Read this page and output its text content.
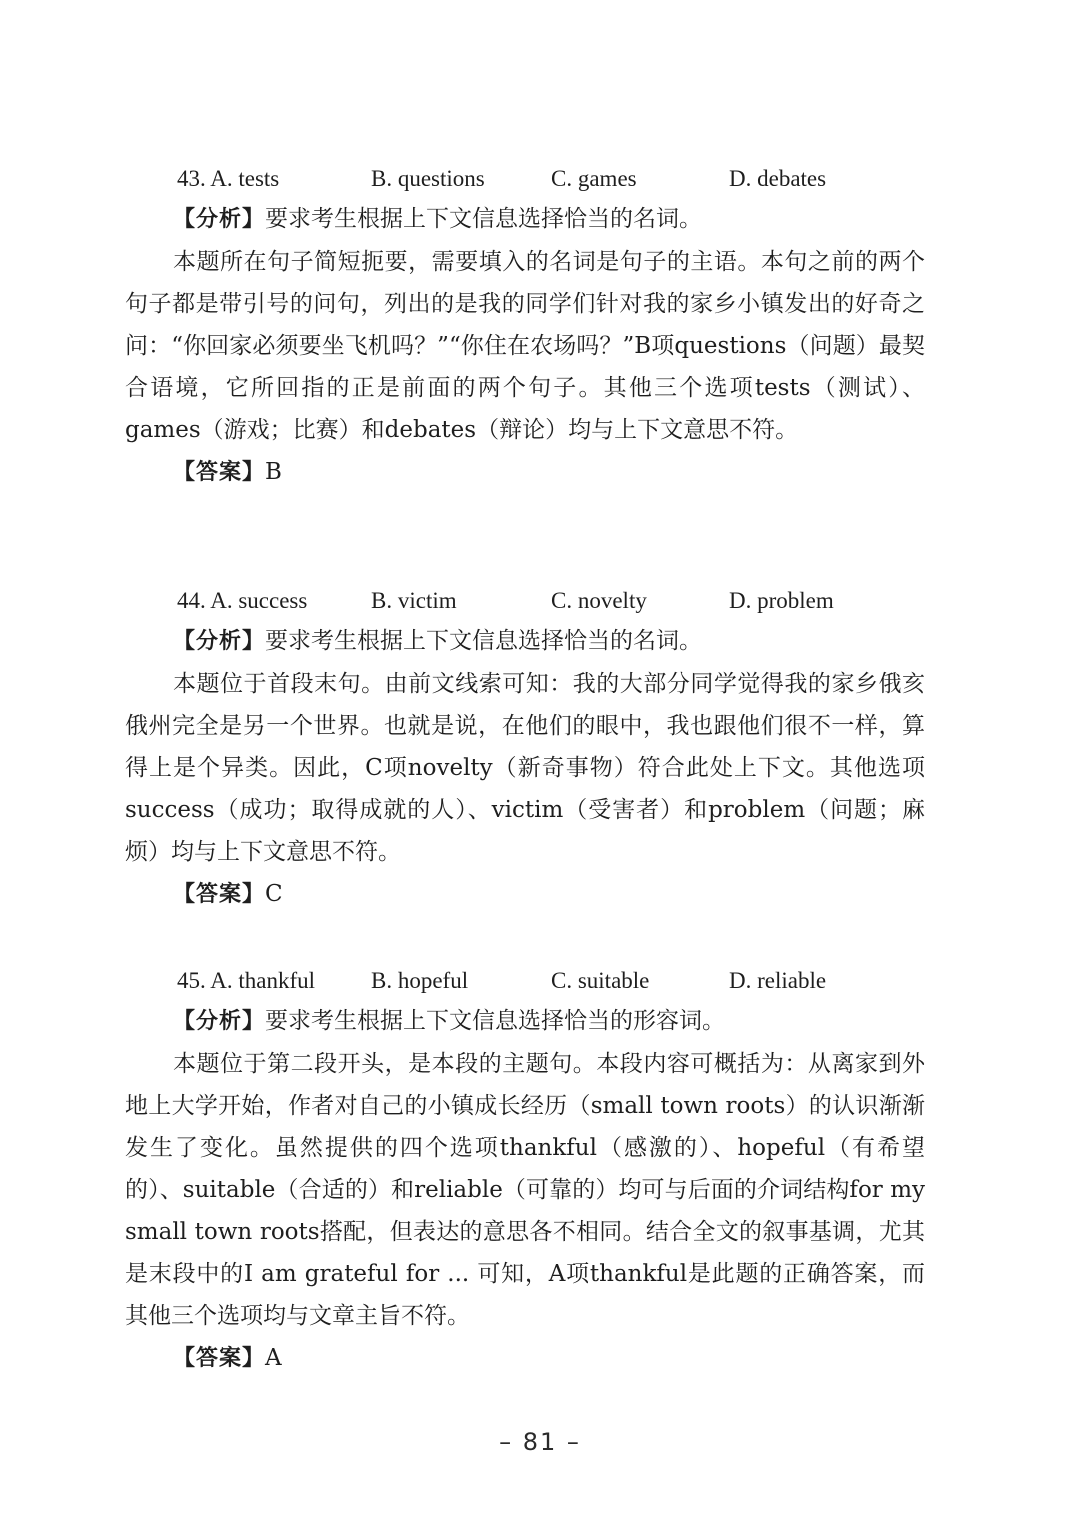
43. A. tests	B. questions	C. games	D. debates
【分析】要求考生根据上下文信息选择恰当的名词。
本题所在句子简短扼要，需要填入的名词是句子的主语。本句之前的两个句子都是带引号的问句，列出的是我的同学们针对我的家乡小镇发出的好奇之问：“你回家必须要坐飞机吗？”“你住在农场吗？”B项questions（问题）最契合语境，它所回指的正是前面的两个句子。其他三个选项tests（测试）、games（游戏；比赛）和debates（辩论）均与上下文意思不符。
【答案】B
44. A. success	B. victim	C. novelty	D. problem
【分析】要求考生根据上下文信息选择恰当的名词。
本题位于首段末句。由前文线索可知：我的大部分同学觉得我的家乡俄亥俄州完全是另一个世界。也就是说，在他们的眼中，我也跟他们很不一样，算得上是个异类。因此，C项novelty（新奇事物）符合此处上下文。其他选项success（成功；取得成就的人）、victim（受害者）和problem（问题；麻烦）均与上下文意思不符。
【答案】C
45. A. thankful B. hopeful	C. suitable	D. reliable
【分析】要求考生根据上下文信息选择恰当的形容词。
本题位于第二段开头，是本段的主题句。本段内容可概括为：从离家到外地上大学开始，作者对自己的小镇成长经历（small town roots）的认识渐渐发生了变化。虽然提供的四个选项thankful（感激的）、hopeful（有希望的）、suitable（合适的）和reliable（可靠的）均可与后面的介词结构for my small town roots搭配，但表达的意思各不相同。结合全文的叙事基调，尤其是末段中的I am grateful for ... 可知，A项thankful是此题的正确答案，而其他三个选项均与文章主旨不符。
【答案】A
– 81 –
